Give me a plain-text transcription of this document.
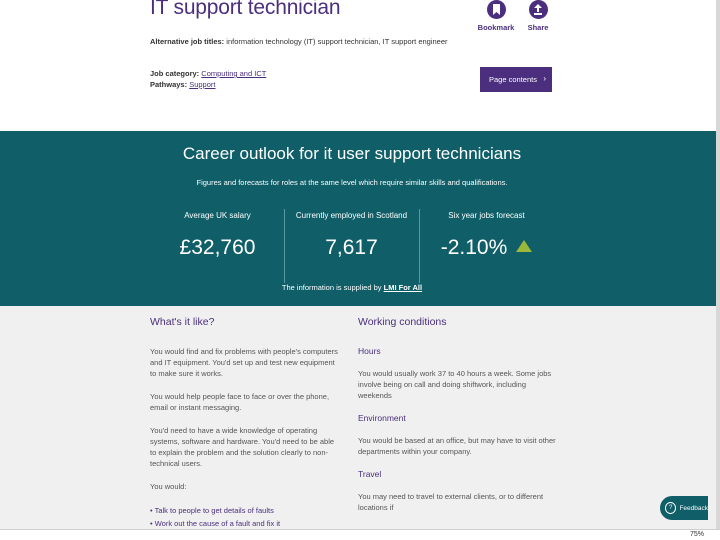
IT support technician
Alternative job titles: information technology (IT) support technician, IT support engineer
Job category: Computing and ICT
Pathways: Support
Bookmark	Share
Page contents ›
Career outlook for it user support technicians
Figures and forecasts for roles at the same level which require similar skills and qualifications.
Average UK salary
£32,760
Currently employed in Scotland
7,617
Six year jobs forecast
-2.10%
The information is supplied by LMI For All
What's it like?

You would find and fix problems with people's computers and IT equipment. You'd set up and test new equipment to make sure it works.

You would help people face to face or over the phone, email or instant messaging.

You'd need to have a wide knowledge of operating systems, software and hardware. You'd need to be able to explain the problem and the solution clearly to non-technical users.

You would:

• Talk to people to get details of faults
• Work out the cause of a fault and fix it
Working conditions
Hours

You would usually work 37 to 40 hours a week. Some jobs involve being on call and doing shiftwork, including weekends

Environment

You would be based at an office, but may have to visit other departments within your company.

Travel

You may need to travel to external clients, or to different locations if	?	Feedback
75%
